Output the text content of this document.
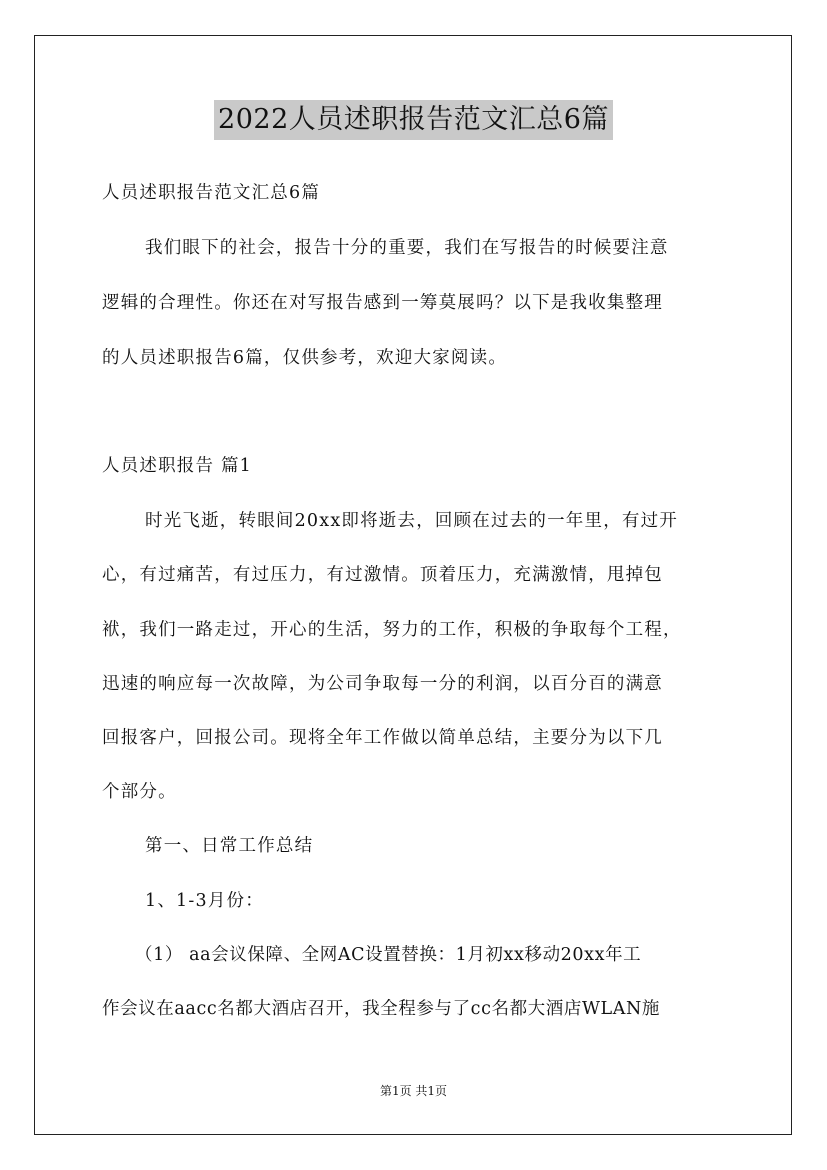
2022人员述职报告范文汇总6篇
人员述职报告范文汇总6篇
我们眼下的社会，报告十分的重要，我们在写报告的时候要注意
逻辑的合理性。你还在对写报告感到一筹莫展吗？以下是我收集整理
的人员述职报告6篇，仅供参考，欢迎大家阅读。
人员述职报告 篇1
时光飞逝，转眼间20xx即将逝去，回顾在过去的一年里，有过开
心，有过痛苦，有过压力，有过激情。顶着压力，充满激情，甩掉包
袱，我们一路走过，开心的生活，努力的工作，积极的争取每个工程，
迅速的响应每一次故障，为公司争取每一分的利润，以百分百的满意
回报客户，回报公司。现将全年工作做以简单总结，主要分为以下几
个部分。
第一、日常工作总结
1、1-3月份：
（1） aa会议保障、全网AC设置替换：1月初xx移动20xx年工
作会议在aacc名都大酒店召开，我全程参与了cc名都大酒店WLAN施
第1页 共1页
